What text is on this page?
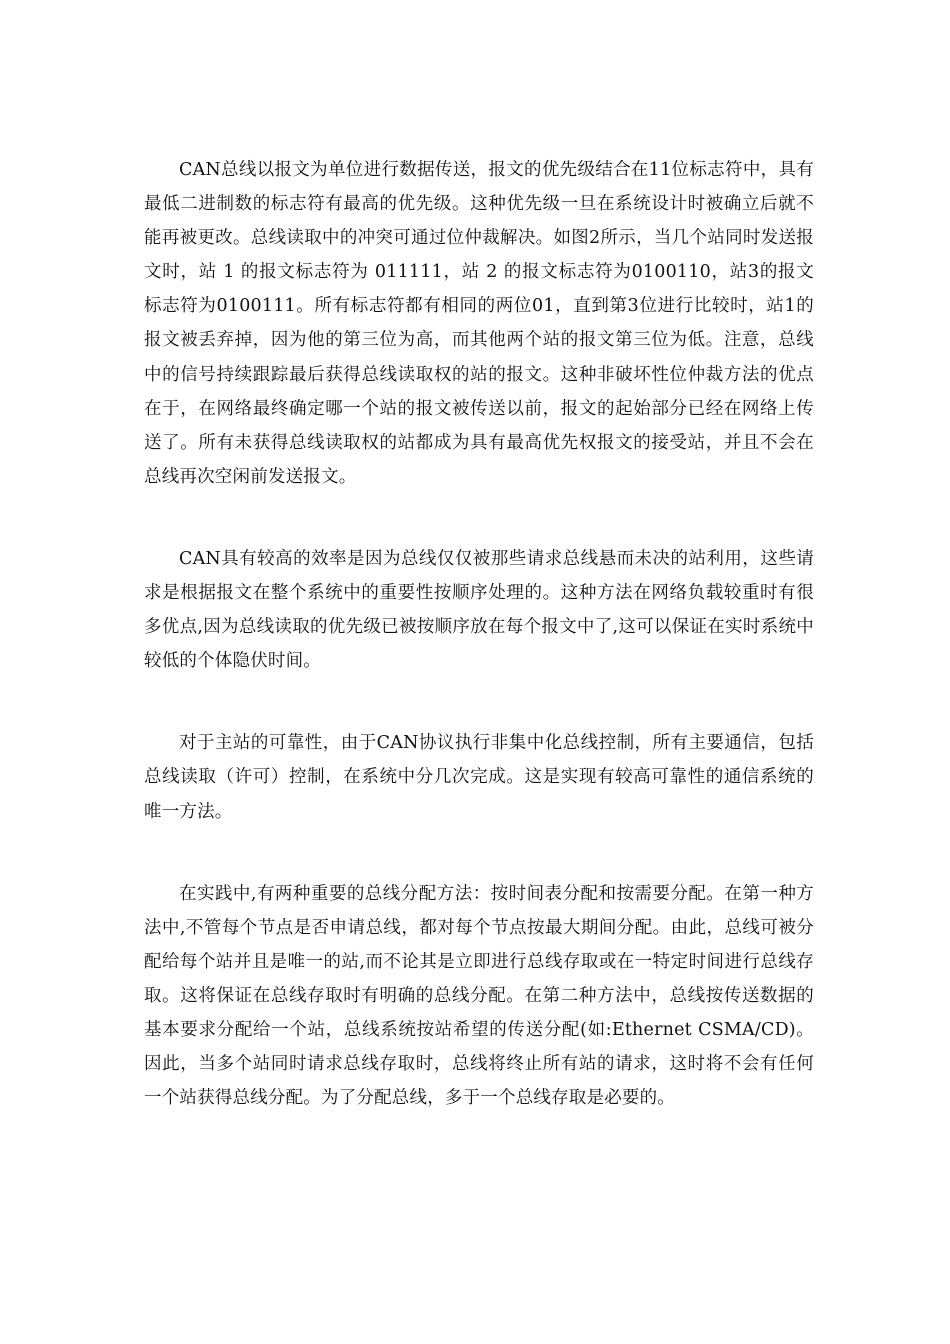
CAN总线以报文为单位进行数据传送，报文的优先级结合在11位标志符中，具有最低二进制数的标志符有最高的优先级。这种优先级一旦在系统设计时被确立后就不能再被更改。总线读取中的冲突可通过位仲裁解决。如图2所示，当几个站同时发送报文时，站 1 的报文标志符为 011111，站 2 的报文标志符为0100110，站3的报文标志符为0100111。所有标志符都有相同的两位01，直到第3位进行比较时，站1的报文被丢弃掉，因为他的第三位为高，而其他两个站的报文第三位为低。注意，总线中的信号持续跟踪最后获得总线读取权的站的报文。这种非破坏性位仲裁方法的优点在于，在网络最终确定哪一个站的报文被传送以前，报文的起始部分已经在网络上传送了。所有未获得总线读取权的站都成为具有最高优先权报文的接受站，并且不会在总线再次空闲前发送报文。

CAN具有较高的效率是因为总线仅仅被那些请求总线悬而未决的站利用，这些请求是根据报文在整个系统中的重要性按顺序处理的。这种方法在网络负载较重时有很多优点,因为总线读取的优先级已被按顺序放在每个报文中了,这可以保证在实时系统中较低的个体隐伏时间。

对于主站的可靠性，由于CAN协议执行非集中化总线控制，所有主要通信，包括总线读取（许可）控制，在系统中分几次完成。这是实现有较高可靠性的通信系统的唯一方法。

在实践中,有两种重要的总线分配方法：按时间表分配和按需要分配。在第一种方法中,不管每个节点是否申请总线，都对每个节点按最大期间分配。由此，总线可被分配给每个站并且是唯一的站,而不论其是立即进行总线存取或在一特定时间进行总线存取。这将保证在总线存取时有明确的总线分配。在第二种方法中，总线按传送数据的基本要求分配给一个站，总线系统按站希望的传送分配(如:Ethernet CSMA/CD)。因此，当多个站同时请求总线存取时，总线将终止所有站的请求，这时将不会有任何一个站获得总线分配。为了分配总线，多于一个总线存取是必要的。
